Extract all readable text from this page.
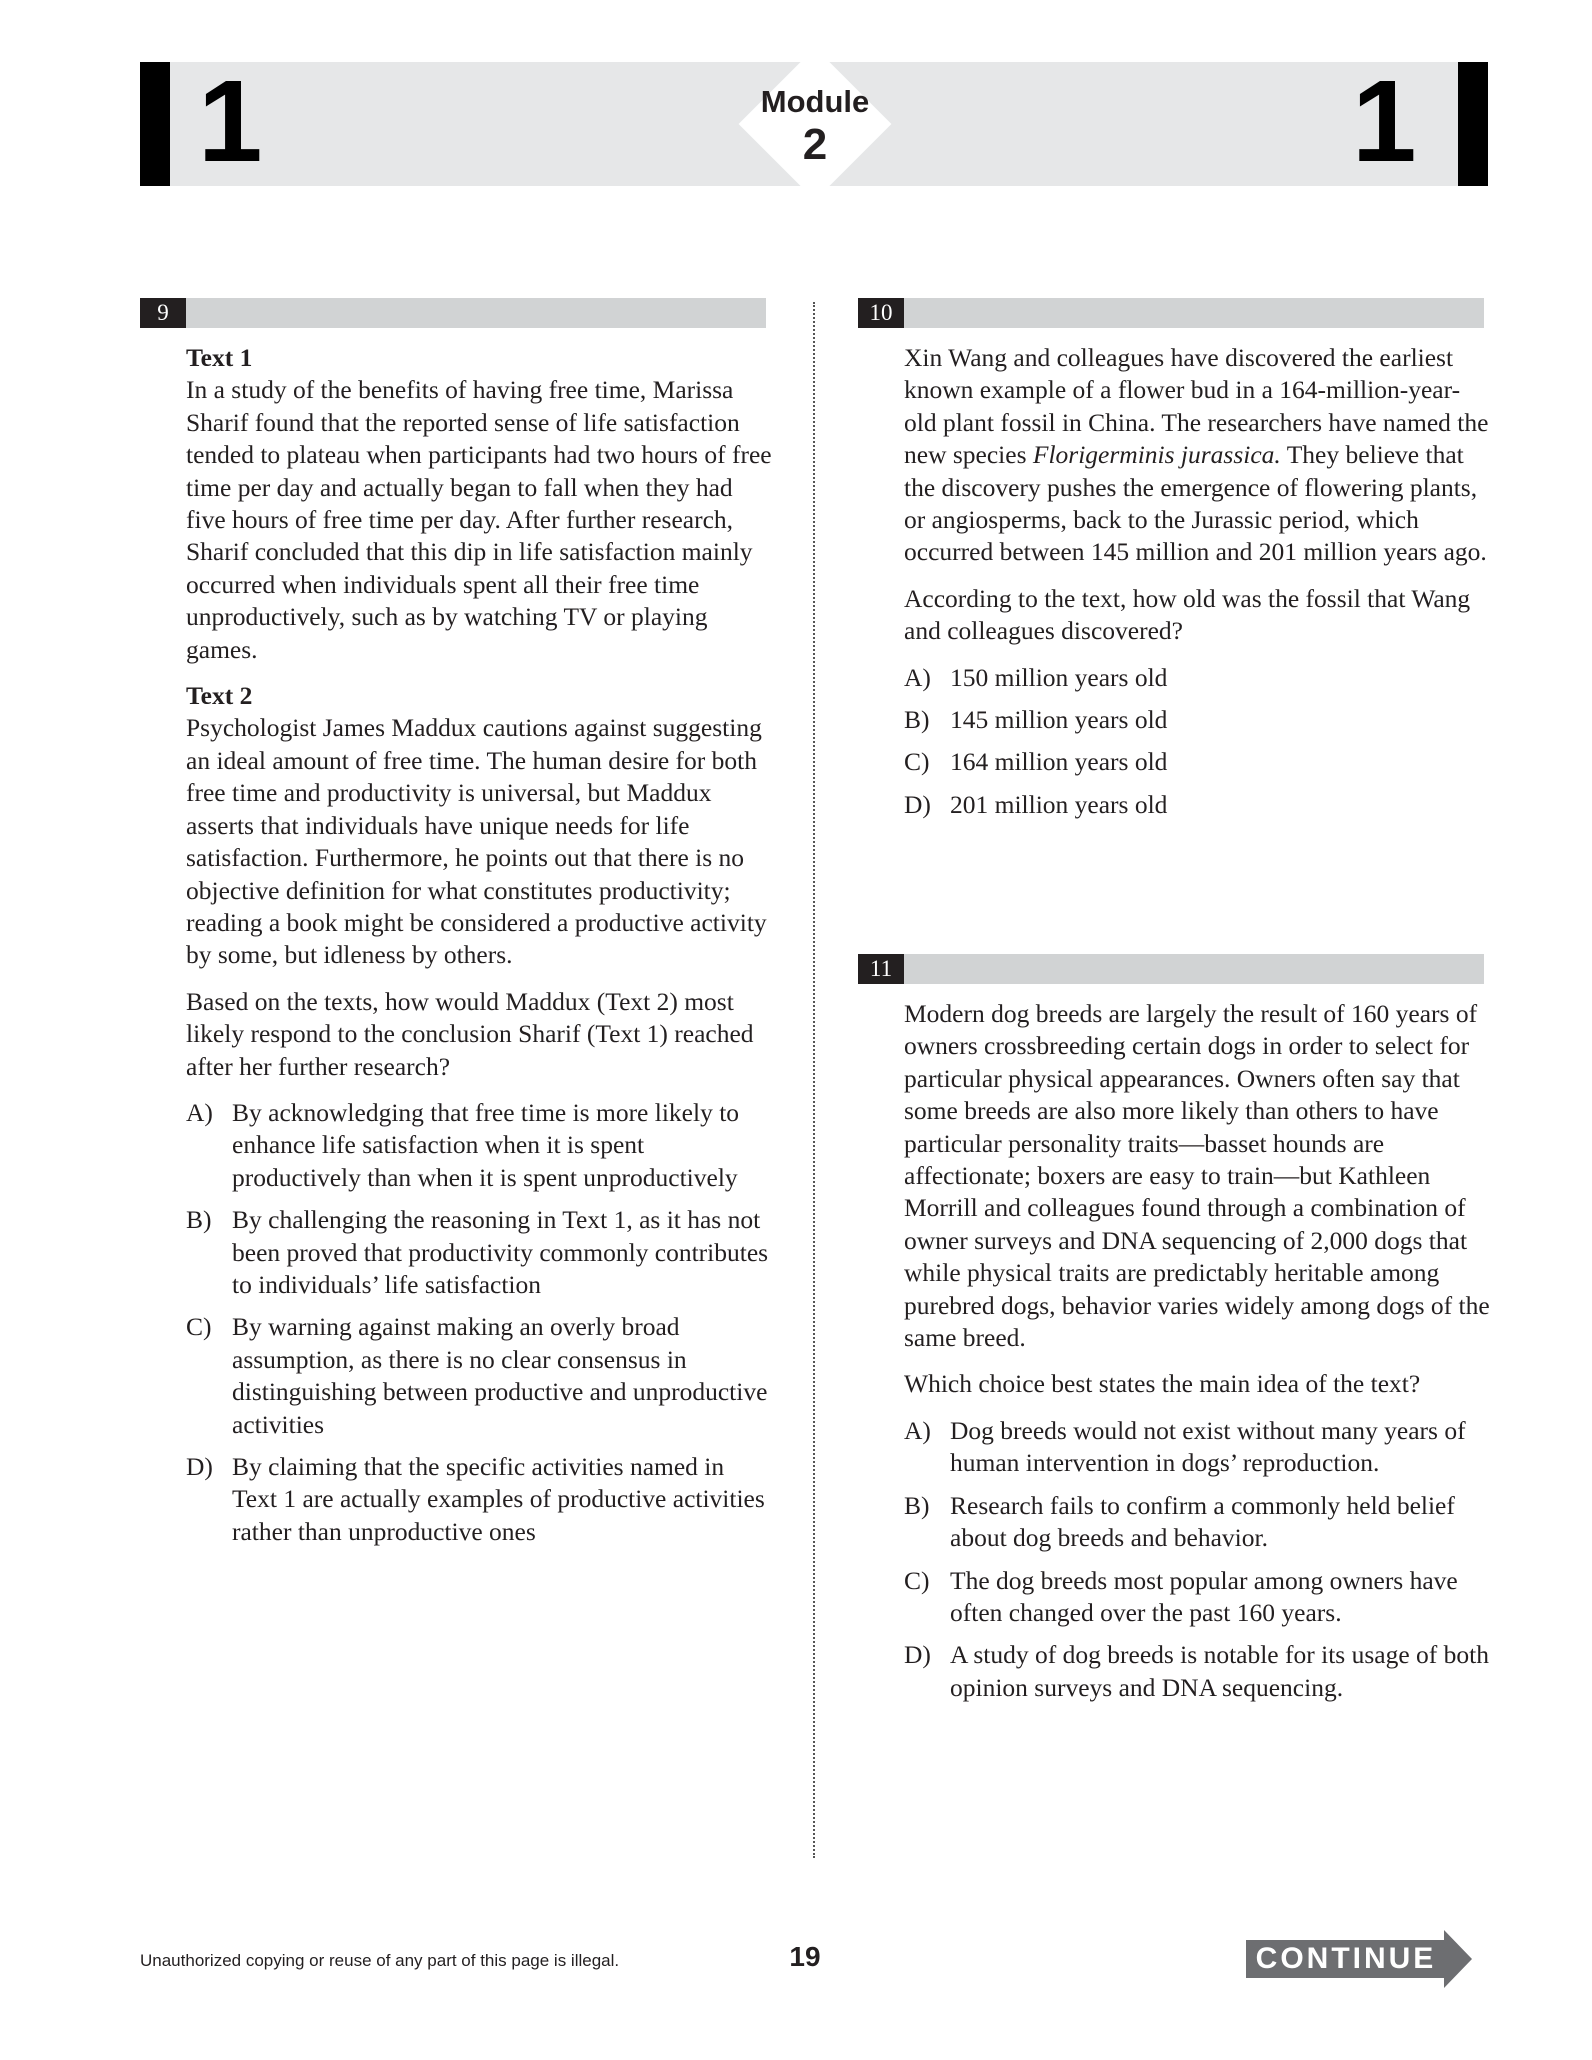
1	1
Module
2
9

Text 1
In a study of the benefits of having free time, Marissa Sharif found that the reported sense of life satisfaction tended to plateau when participants had two hours of free time per day and actually began to fall when they had five hours of free time per day. After further research, Sharif concluded that this dip in life satisfaction mainly occurred when individuals spent all their free time unproductively, such as by watching TV or playing games.

Text 2
Psychologist James Maddux cautions against suggesting an ideal amount of free time. The human desire for both free time and productivity is universal, but Maddux asserts that individuals have unique needs for life satisfaction. Furthermore, he points out that there is no objective definition for what constitutes productivity; reading a book might be considered a productive activity by some, but idleness by others.

Based on the texts, how would Maddux (Text 2) most likely respond to the conclusion Sharif (Text 1) reached after her further research?

A) By acknowledging that free time is more likely to enhance life satisfaction when it is spent productively than when it is spent unproductively
B) By challenging the reasoning in Text 1, as it has not been proved that productivity commonly contributes to individuals’ life satisfaction
C) By warning against making an overly broad assumption, as there is no clear consensus in distinguishing between productive and unproductive activities
D) By claiming that the specific activities named in Text 1 are actually examples of productive activities rather than unproductive ones
10

Xin Wang and colleagues have discovered the earliest known example of a flower bud in a 164-million-year-old plant fossil in China. The researchers have named the new species Florigerminis jurassica. They believe that the discovery pushes the emergence of flowering plants, or angiosperms, back to the Jurassic period, which occurred between 145 million and 201 million years ago.

According to the text, how old was the fossil that Wang and colleagues discovered?

A) 150 million years old
B) 145 million years old
C) 164 million years old
D) 201 million years old
11

Modern dog breeds are largely the result of 160 years of owners crossbreeding certain dogs in order to select for particular physical appearances. Owners often say that some breeds are also more likely than others to have particular personality traits—basset hounds are affectionate; boxers are easy to train—but Kathleen Morrill and colleagues found through a combination of owner surveys and DNA sequencing of 2,000 dogs that while physical traits are predictably heritable among purebred dogs, behavior varies widely among dogs of the same breed.

Which choice best states the main idea of the text?

A) Dog breeds would not exist without many years of human intervention in dogs’ reproduction.
B) Research fails to confirm a commonly held belief about dog breeds and behavior.
C) The dog breeds most popular among owners have often changed over the past 160 years.
D) A study of dog breeds is notable for its usage of both opinion surveys and DNA sequencing.
Unauthorized copying or reuse of any part of this page is illegal.	19	CONTINUE
